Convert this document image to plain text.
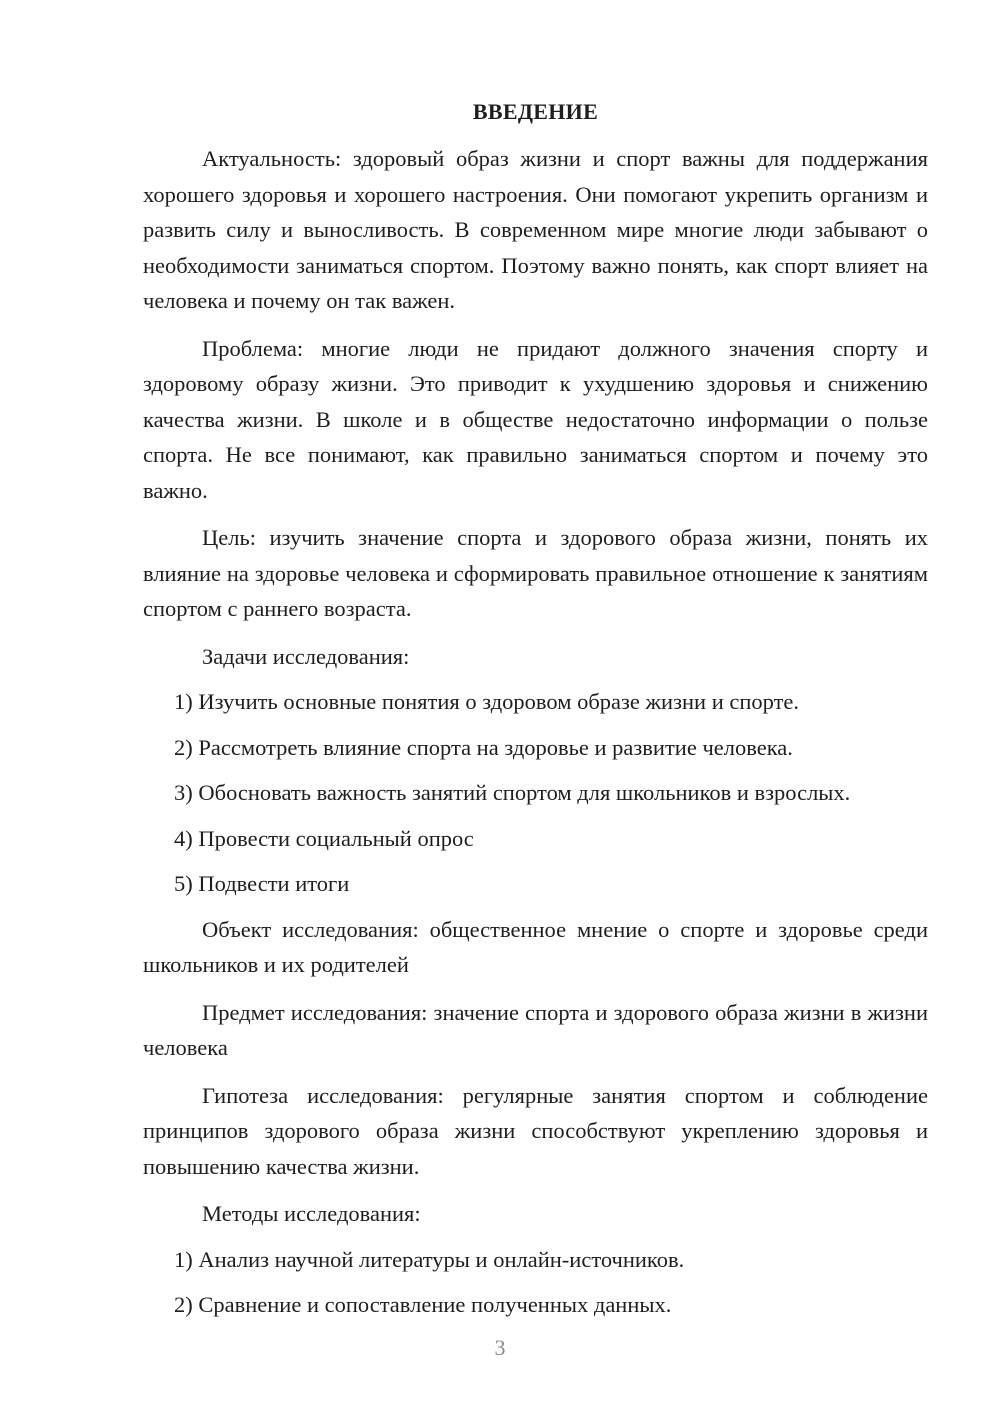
ВВЕДЕНИЕ

Актуальность: здоровый образ жизни и спорт важны для поддержания хорошего здоровья и хорошего настроения. Они помогают укрепить организм и развить силу и выносливость. В современном мире многие люди забывают о необходимости заниматься спортом. Поэтому важно понять, как спорт влияет на человека и почему он так важен.

Проблема: многие люди не придают должного значения спорту и здоровому образу жизни. Это приводит к ухудшению здоровья и снижению качества жизни. В школе и в обществе недостаточно информации о пользе спорта. Не все понимают, как правильно заниматься спортом и почему это важно.

Цель: изучить значение спорта и здорового образа жизни, понять их влияние на здоровье человека и сформировать правильное отношение к занятиям спортом с раннего возраста.

Задачи исследования:

1) Изучить основные понятия о здоровом образе жизни и спорте.

2) Рассмотреть влияние спорта на здоровье и развитие человека.

3) Обосновать важность занятий спортом для школьников и взрослых.

4) Провести социальный опрос

5) Подвести итоги

Объект исследования: общественное мнение о спорте и здоровье среди школьников и их родителей

Предмет исследования: значение спорта и здорового образа жизни в жизни человека

Гипотеза исследования: регулярные занятия спортом и соблюдение принципов здорового образа жизни способствуют укреплению здоровья и повышению качества жизни.

Методы исследования:

1) Анализ научной литературы и онлайн-источников.

2) Сравнение и сопоставление полученных данных.

3
